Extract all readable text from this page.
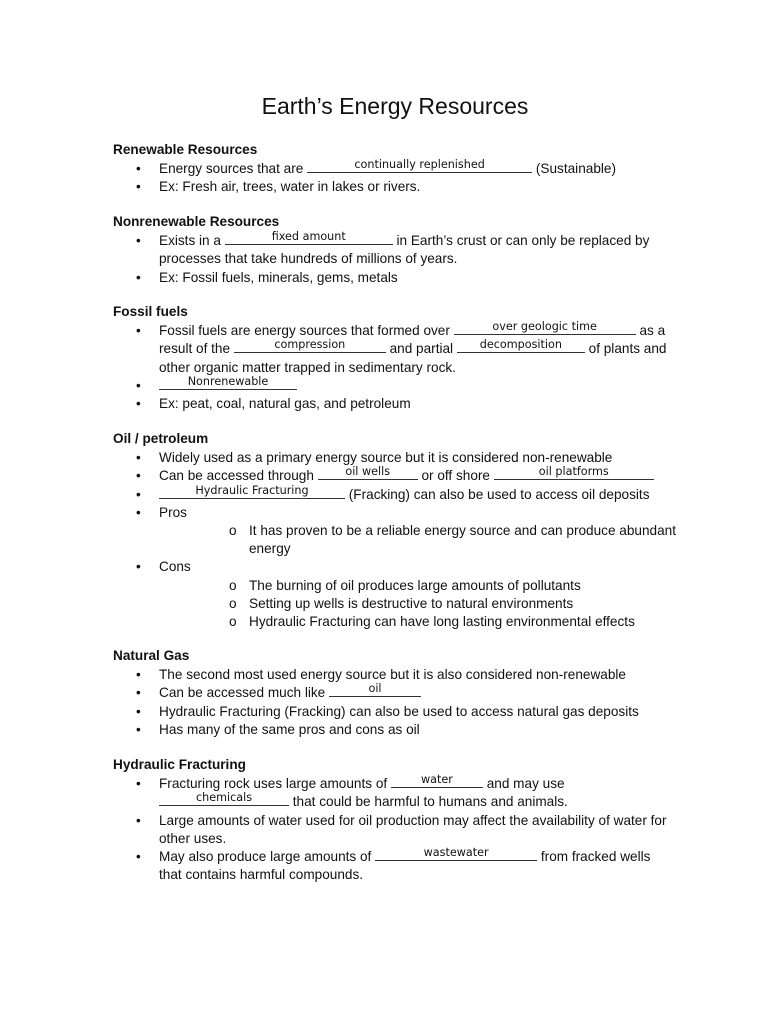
Earth’s Energy Resources
Renewable Resources
• Energy sources that are	continually replenished	(Sustainable)
• Ex: Fresh air, trees, water in lakes or rivers.
Nonrenewable Resources
• Exists in a	fixed amount	in Earth’s crust or can only be replaced by
processes that take hundreds of millions of years.
• Ex: Fossil fuels, minerals, gems, metals
Fossil fuels
• Fossil fuels are energy sources that formed over	over geologic time	as a
result of the	compression	and partial	decomposition	of plants and
other organic matter trapped in sedimentary rock.
•	Nonrenewable
• Ex: peat, coal, natural gas, and petroleum
Oil / petroleum
• Widely used as a primary energy source but it is considered non-renewable
• Can be accessed through	oil wells	or off shore	oil platforms
•	Hydraulic Fracturing	(Fracking) can also be used to access oil deposits
• Pros
o It has proven to be a reliable energy source and can produce abundant
energy
• Cons
o The burning of oil produces large amounts of pollutants
o Setting up wells is destructive to natural environments
o Hydraulic Fracturing can have long lasting environmental effects
Natural Gas
• The second most used energy source but it is also considered non-renewable
• Can be accessed much like	oil
• Hydraulic Fracturing (Fracking) can also be used to access natural gas deposits
• Has many of the same pros and cons as oil
Hydraulic Fracturing
• Fracturing rock uses large amounts of	water	and may use

chemicals	that could be harmful to humans and animals.
• Large amounts of water used for oil production may affect the availability of water for
other uses.
• May also produce large amounts of	wastewater	from fracked wells
that contains harmful compounds.
